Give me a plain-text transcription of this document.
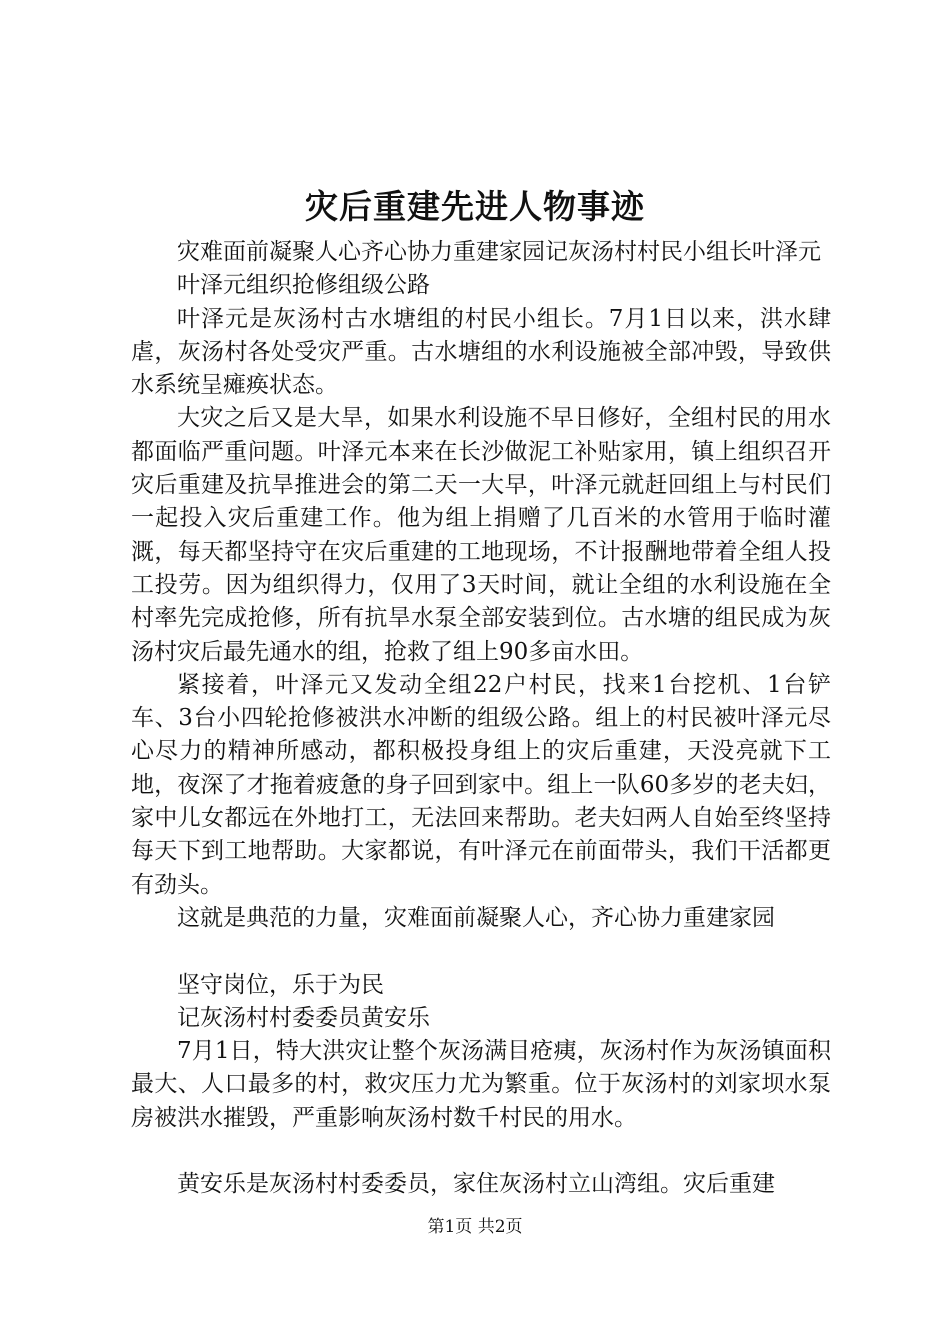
灾后重建先进人物事迹

灾难面前凝聚人心齐心协力重建家园记灰汤村村民小组长叶泽元

叶泽元组织抢修组级公路

叶泽元是灰汤村古水塘组的村民小组长。7月1日以来，洪水肆虐，灰汤村各处受灾严重。古水塘组的水利设施被全部冲毁，导致供水系统呈瘫痪状态。

大灾之后又是大旱，如果水利设施不早日修好，全组村民的用水都面临严重问题。叶泽元本来在长沙做泥工补贴家用，镇上组织召开灾后重建及抗旱推进会的第二天一大早，叶泽元就赶回组上与村民们一起投入灾后重建工作。他为组上捐赠了几百米的水管用于临时灌溉，每天都坚持守在灾后重建的工地现场，不计报酬地带着全组人投工投劳。因为组织得力，仅用了3天时间，就让全组的水利设施在全村率先完成抢修，所有抗旱水泵全部安装到位。古水塘的组民成为灰汤村灾后最先通水的组，抢救了组上90多亩水田。

紧接着，叶泽元又发动全组22户村民，找来1台挖机、1台铲车、3台小四轮抢修被洪水冲断的组级公路。组上的村民被叶泽元尽心尽力的精神所感动，都积极投身组上的灾后重建，天没亮就下工地，夜深了才拖着疲惫的身子回到家中。组上一队60多岁的老夫妇，家中儿女都远在外地打工，无法回来帮助。老夫妇两人自始至终坚持每天下到工地帮助。大家都说，有叶泽元在前面带头，我们干活都更有劲头。

这就是典范的力量，灾难面前凝聚人心，齐心协力重建家园

坚守岗位，乐于为民

记灰汤村村委委员黄安乐

7月1日，特大洪灾让整个灰汤满目疮痍，灰汤村作为灰汤镇面积最大、人口最多的村，救灾压力尤为繁重。位于灰汤村的刘家坝水泵房被洪水摧毁，严重影响灰汤村数千村民的用水。

黄安乐是灰汤村村委委员，家住灰汤村立山湾组。灾后重建

第1页 共2页
